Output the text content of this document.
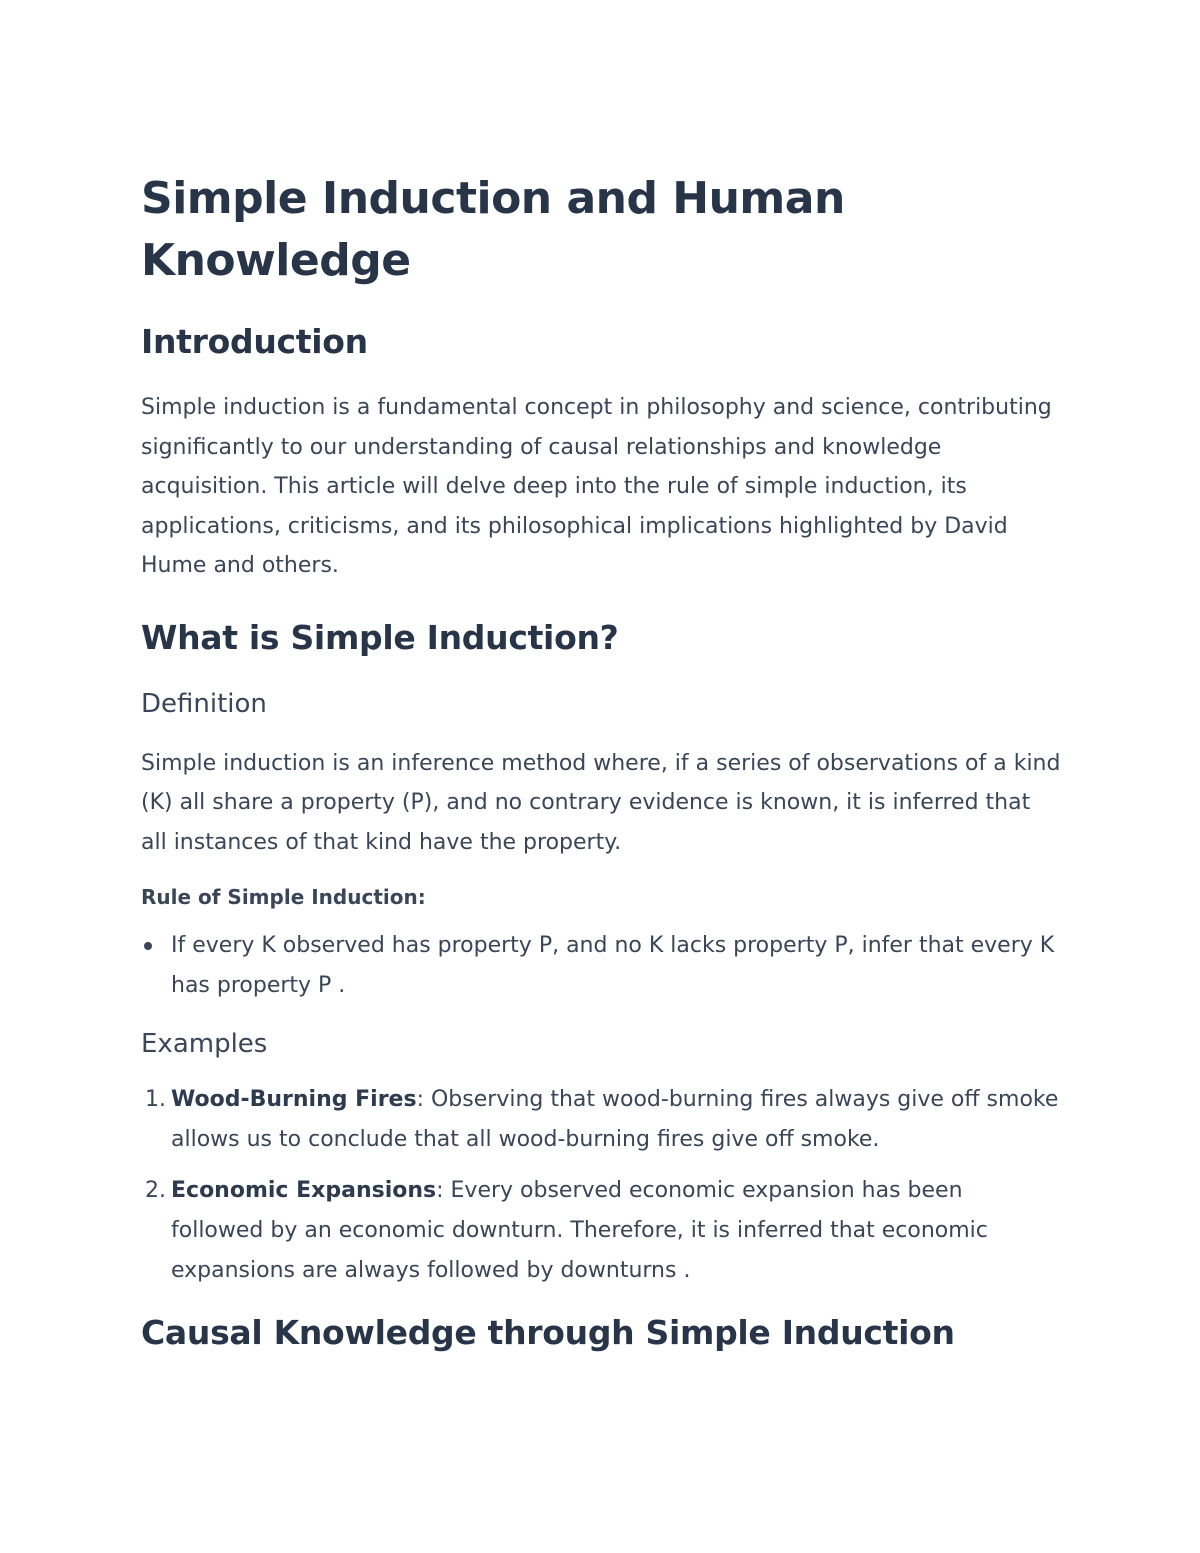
Simple Induction and Human Knowledge
Introduction

Simple induction is a fundamental concept in philosophy and science, contributing significantly to our understanding of causal relationships and knowledge acquisition. This article will delve deep into the rule of simple induction, its applications, criticisms, and its philosophical implications highlighted by David Hume and others.

What is Simple Induction?
Definition

Simple induction is an inference method where, if a series of observations of a kind (K) all share a property (P), and no contrary evidence is known, it is inferred that all instances of that kind have the property.

Rule of Simple Induction:
If every K observed has property P, and no K lacks property P, infer that every K has property P .
Examples
1. Wood-Burning Fires: Observing that wood-burning fires always give off smoke allows us to conclude that all wood-burning fires give off smoke.
2. Economic Expansions: Every observed economic expansion has been followed by an economic downturn. Therefore, it is inferred that economic expansions are always followed by downturns .
Causal Knowledge through Simple Induction
